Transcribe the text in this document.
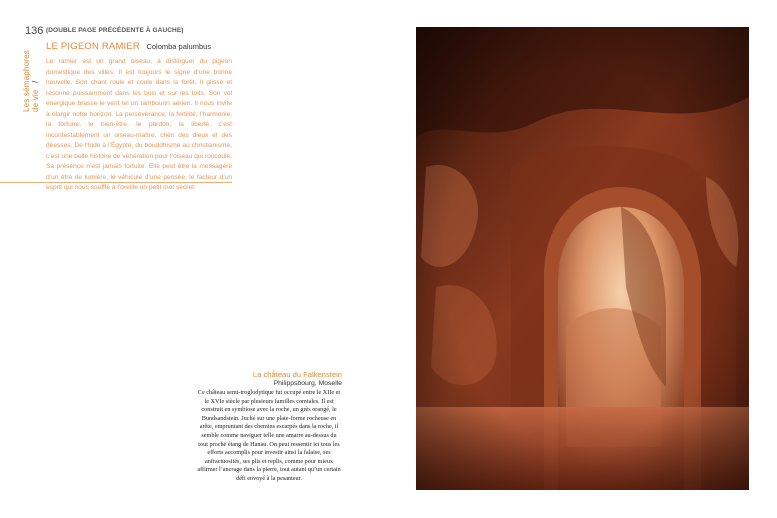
136
Les sémaphores de vie /
(DOUBLE PAGE PRÉCÉDENTE À GAUCHE)
LE PIGEON RAMIER Colomba palumbus

Le ramier est un grand oiseau, à distinguer du pigeon domestique des villes. Il est toujours le signe d’une bonne nouvelle. Son chant roule et coule dans la forêt. Il glisse et résonne puissamment dans les bois et sur les toits. Son vol énergique brasse le vent tel un tambourin aérien. Il nous invite à élargir notre horizon. La persévérance, la fertilité, l’harmonie, la fortune, le bien-être, le pardon, la liberté, c’est incontestablement un oiseau-maître, chéri des dieux et des déesses. De l’Inde à l’Égypte, du bouddhisme au christianisme, c’est une belle histoire de vénération pour l’oiseau qui roucoule. Sa présence n’est jamais fortuite. Elle peut être la messagère d’un être de lumière, le véhicule d’une pensée, le facteur d’un esprit qui nous souffle à l’oreille un petit mot secret.

La château du Falkenstein
Philippsbourg, Moselle

Ce château semi-troglodytique fut occupé entre le XIIe et le XVIe siècle par plusieurs familles comtales. Il est construit en symbiose avec la roche, un grès orangé, le Bundsandstein. Juché sur une plate-forme rocheuse en arête, empruntant des chemins escarpés dans la roche, il semble comme naviguer telle une amarre au-dessus du tout proche étang de Hanau. On peut ressentir ici tous les efforts accomplis pour investir ainsi la falaise, ses anfractuosités, ses plis et replis, comme pour mieux affirmer l’ancrage dans la pierre, tout autant qu’un certain défi envoyé à la pesanteur.
